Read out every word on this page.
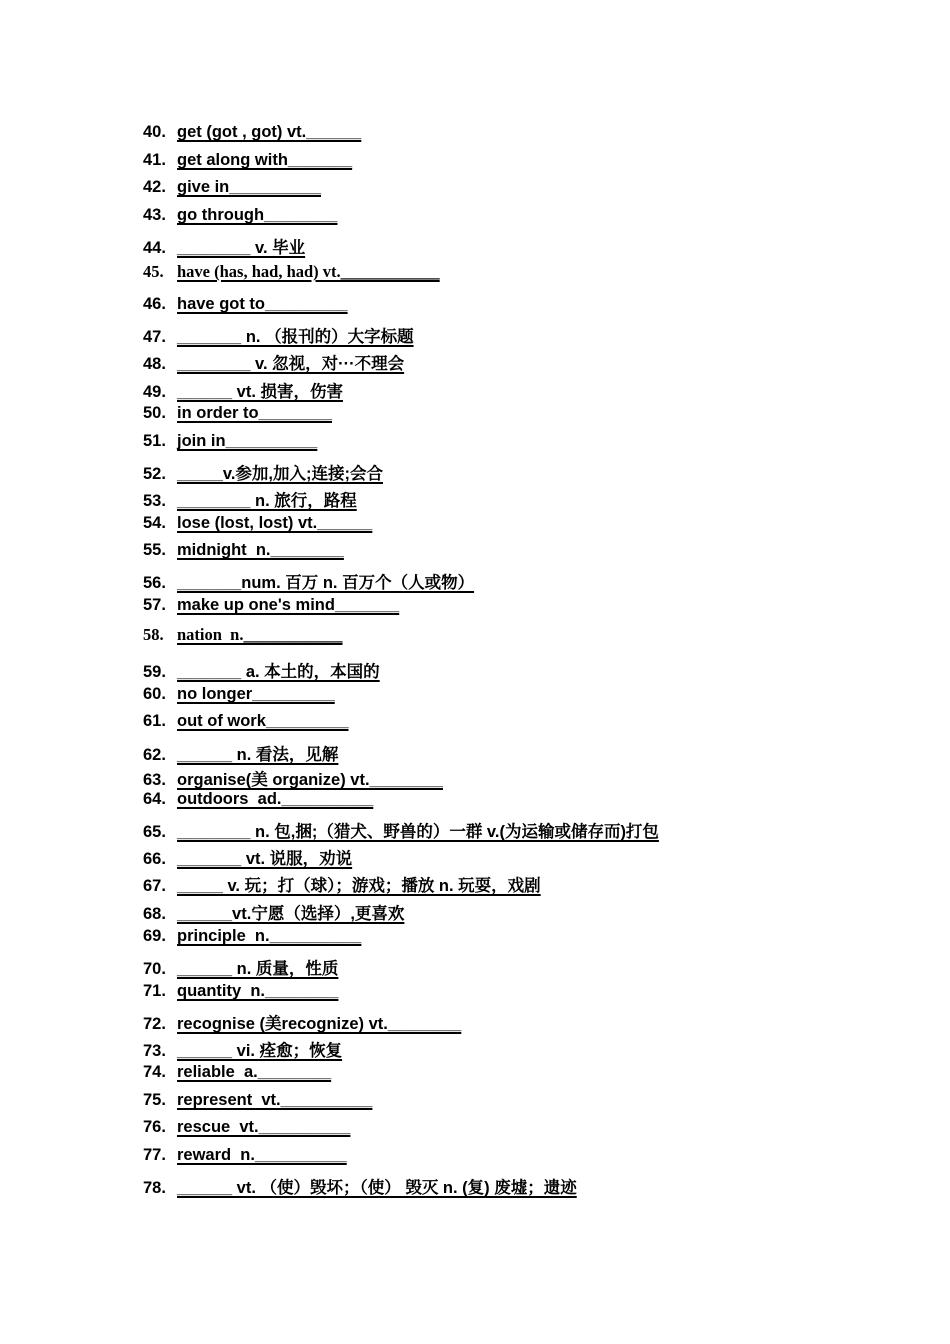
40. get (got , got) vt.______
41. get along with_______
42. give in__________
43. go through________
44. ________ v. 毕业
45. have (has, had, had) vt.____________
46. have got to_________
47. _______ n. （报刊的）大字标题
48. ________ v. 忽视，对···不理会
49. ______ vt. 损害，伤害
50. in order to________
51. join in__________
52. _____v.参加,加入;连接;会合
53. ________ n. 旅行，路程
54. lose (lost, lost) vt.______
55. midnight  n.________
56. _______num. 百万 n. 百万个（人或物）
57. make up one's mind_______
58. nation  n.____________
59. _______ a. 本土的，本国的
60. no longer_________
61. out of work_________
62. ______ n. 看法，见解
63. organise(美 organize) vt.________
64. outdoors  ad.__________
65. ________ n. 包,捆;（猎犬、野兽的）一群 v.(为运输或储存而)打包
66. _______ vt. 说服，劝说
67. _____ v. 玩；打（球）；游戏；播放 n. 玩耍，戏剧
68. ______vt.宁愿（选择）,更喜欢
69. principle  n.__________
70. ______ n. 质量，性质
71. quantity  n.________
72. recognise (美recognize) vt.________
73. ______ vi. 痊愈；恢复
74. reliable  a.________
75. represent  vt.__________
76. rescue  vt.__________
77. reward  n.__________
78. ______ vt. （使）毁坏；（使） 毁灭 n. (复) 废墟；遗迹
